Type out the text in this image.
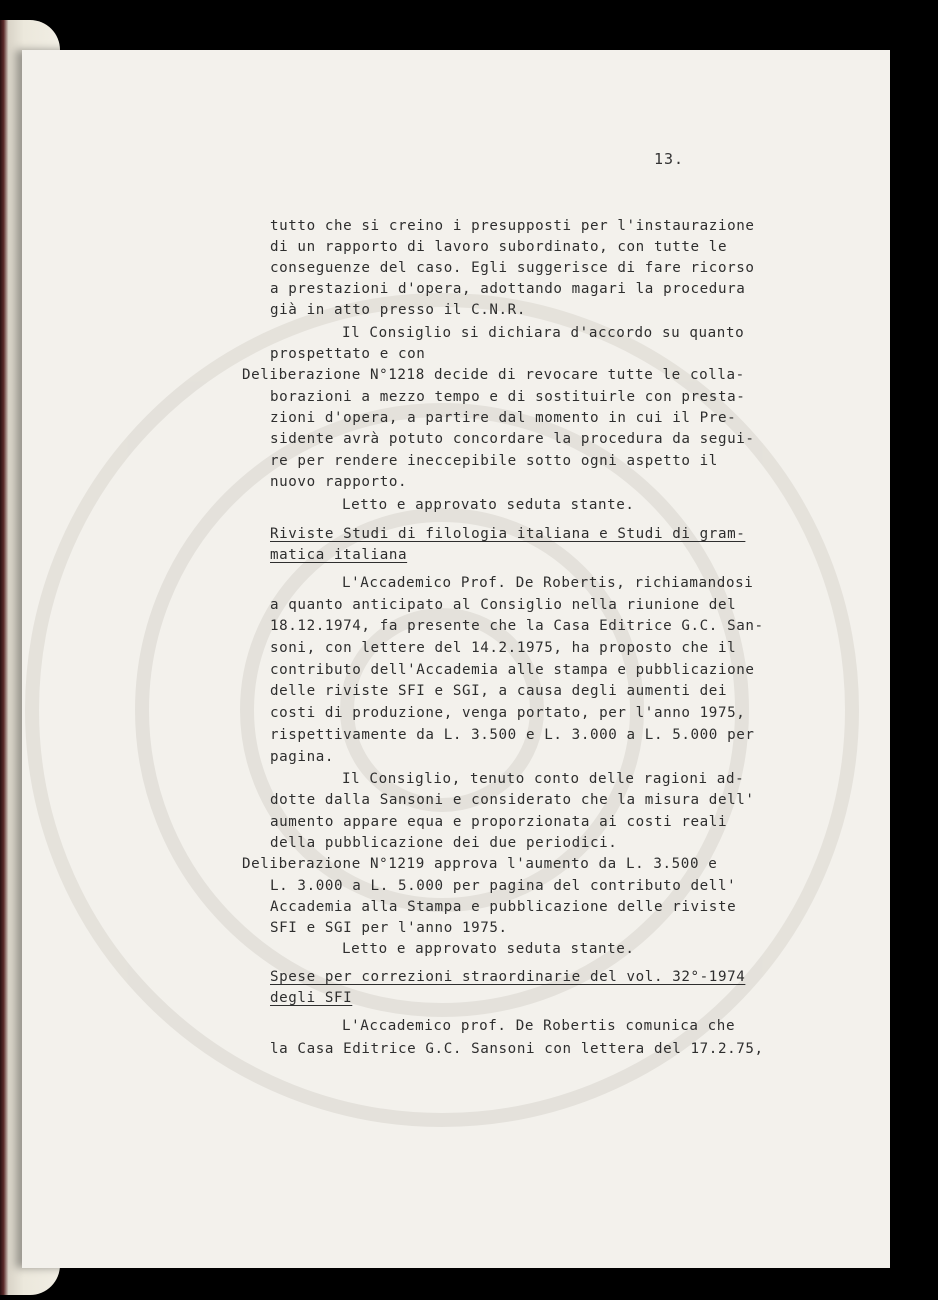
13.
tutto che si creino i presupposti per l'instaurazione
di un rapporto di lavoro subordinato, con tutte le
conseguenze del caso. Egli suggerisce di fare ricorso
a prestazioni d'opera, adottando magari la procedura
già in atto presso il C.N.R.
Il Consiglio si dichiara d'accordo su quanto
prospettato e con
Deliberazione N°1218 decide di revocare tutte le colla-
borazioni a mezzo tempo e di sostituirle con presta-
zioni d'opera, a partire dal momento in cui il Pre-
sidente avrà potuto concordare la procedura da segui-
re per rendere ineccepibile sotto ogni aspetto il
nuovo rapporto.
Letto e approvato seduta stante.
Riviste Studi di filologia italiana e Studi di gram-
matica italiana
L'Accademico Prof. De Robertis, richiamandosi
a quanto anticipato al Consiglio nella riunione del
18.12.1974, fa presente che la Casa Editrice G.C. San-
soni, con lettere del 14.2.1975, ha proposto che il
contributo dell'Accademia alle stampa e pubblicazione
delle riviste SFI e SGI, a causa degli aumenti dei
costi di produzione, venga portato, per l'anno 1975,
rispettivamente da L. 3.500 e L. 3.000 a L. 5.000 per
pagina.
Il Consiglio, tenuto conto delle ragioni ad-
dotte dalla Sansoni e considerato che la misura dell'
aumento appare equa e proporzionata ai costi reali
della pubblicazione dei due periodici.
Deliberazione N°1219 approva l'aumento da L. 3.500 e
L. 3.000 a L. 5.000 per pagina del contributo dell'
Accademia alla Stampa e pubblicazione delle riviste
SFI e SGI per l'anno 1975.
Letto e approvato seduta stante.
Spese per correzioni straordinarie del vol. 32°-1974
degli SFI
L'Accademico prof. De Robertis comunica che
la Casa Editrice G.C. Sansoni con lettera del 17.2.75,
